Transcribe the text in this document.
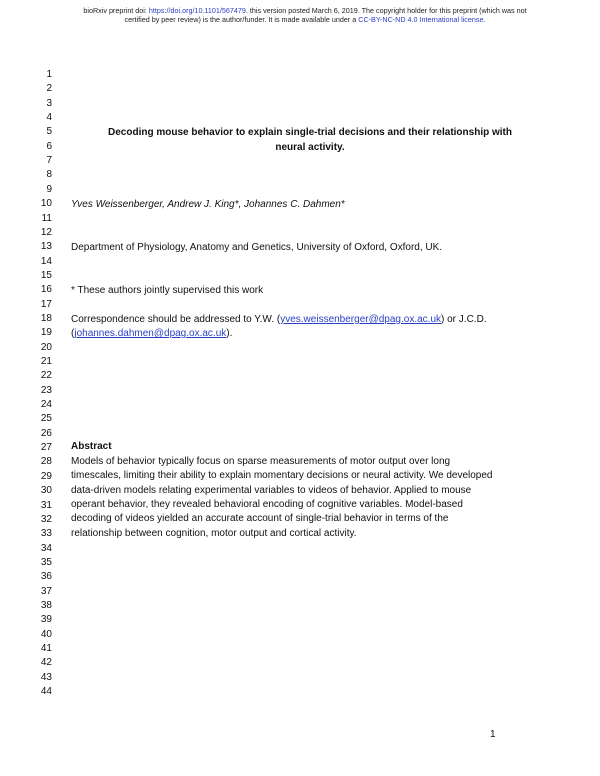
bioRxiv preprint doi: https://doi.org/10.1101/567479. this version posted March 6, 2019. The copyright holder for this preprint (which was not
certified by peer review) is the author/funder. It is made available under a CC-BY-NC-ND 4.0 International license.
1
2
3
4
5
6
7
8
9
10
11
12
13
14
15
16
17
18
19
20
21
22
23
24
25
26
27
28
29
30
31
32
33
34
35
36
37
38
39
40
41
42
43
44
Decoding mouse behavior to explain single-trial decisions and their relationship with
neural activity.
Yves Weissenberger, Andrew J. King*, Johannes C. Dahmen*
Department of Physiology, Anatomy and Genetics, University of Oxford, Oxford, UK.
* These authors jointly supervised this work
Correspondence should be addressed to Y.W. (yves.weissenberger@dpag.ox.ac.uk) or J.C.D.
(johannes.dahmen@dpag.ox.ac.uk).
Abstract
Models of behavior typically focus on sparse measurements of motor output over long
timescales, limiting their ability to explain momentary decisions or neural activity. We developed
data-driven models relating experimental variables to videos of behavior. Applied to mouse
operant behavior, they revealed behavioral encoding of cognitive variables. Model-based
decoding of videos yielded an accurate account of single-trial behavior in terms of the
relationship between cognition, motor output and cortical activity.
1
